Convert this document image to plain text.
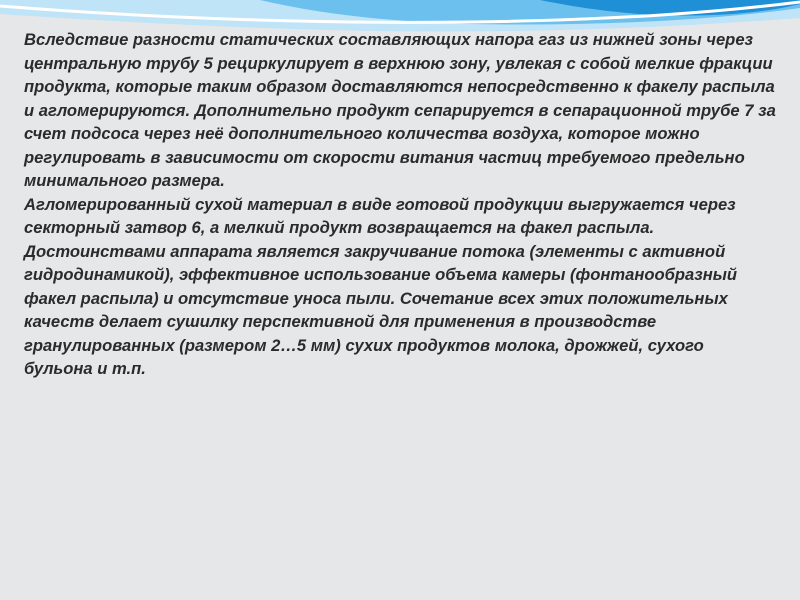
Вследствие разности статических составляющих напора газ из нижней зоны через центральную трубу 5 рециркулирует в верхнюю зону, увлекая с собой мелкие фракции продукта, которые таким образом доставляются непосредственно к факелу распыла и агломерируются. Дополнительно продукт сепарируется в сепарационной трубе 7 за счет подсоса через неё дополнительного количества воздуха, которое можно регулировать в зависимости от скорости витания частиц требуемого предельно минимального размера.

Агломерированный сухой материал в виде готовой продукции выгружается через секторный затвор 6, а мелкий продукт возвращается на факел распыла.

Достоинствами аппарата является закручивание потока (элементы с активной гидродинамикой), эффективное использование объема камеры (фонтанообразный факел распыла) и отсутствие уноса пыли. Сочетание всех этих положительных качеств делает сушилку перспективной для применения в производстве гранулированных (размером 2…5 мм) сухих продуктов молока, дрожжей, сухого бульона и т.п.
